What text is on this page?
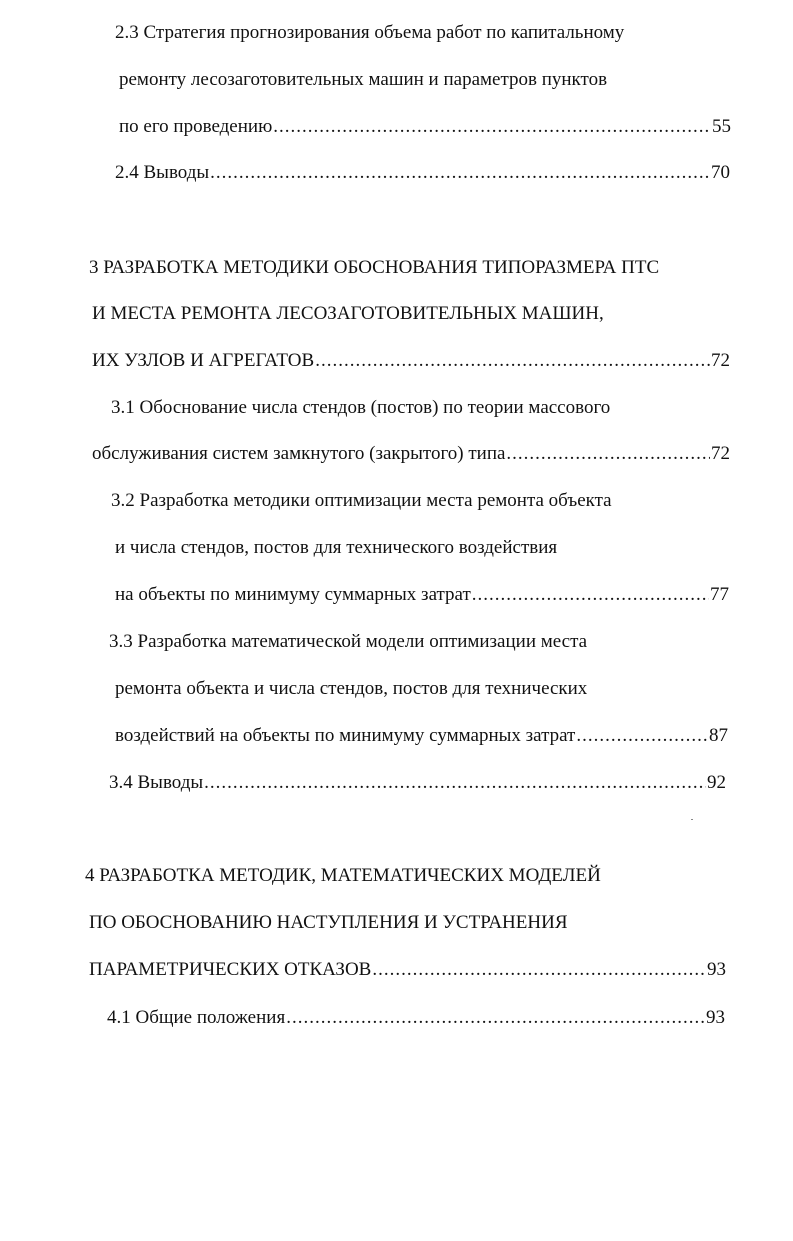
2.3 Стратегия прогнозирования объема работ по капитальному
ремонту лесозаготовительных машин и параметров пунктов
по его проведению .....	55
2.4 Выводы .....	70
3 РАЗРАБОТКА МЕТОДИКИ ОБОСНОВАНИЯ ТИПОРАЗМЕРА ПТС
И МЕСТА РЕМОНТА ЛЕСОЗАГОТОВИТЕЛЬНЫХ МАШИН,
ИХ УЗЛОВ И АГРЕГАТОВ .....	72
3.1 Обоснование числа стендов (постов) по теории массового
обслуживания систем замкнутого (закрытого) типа .....	72
3.2 Разработка методики оптимизации места ремонта объекта
и числа стендов, постов для технического воздействия
на объекты по минимуму суммарных затрат .....	77
3.3 Разработка математической модели оптимизации места
ремонта объекта и числа стендов, постов для технических
воздействий на объекты по минимуму суммарных затрат .....	87
3.4 Выводы .....	92
4 РАЗРАБОТКА МЕТОДИК, МАТЕМАТИЧЕСКИХ МОДЕЛЕЙ
ПО ОБОСНОВАНИЮ НАСТУПЛЕНИЯ И УСТРАНЕНИЯ
ПАРАМЕТРИЧЕСКИХ ОТКАЗОВ .....	93
4.1 Общие положения .....	93
